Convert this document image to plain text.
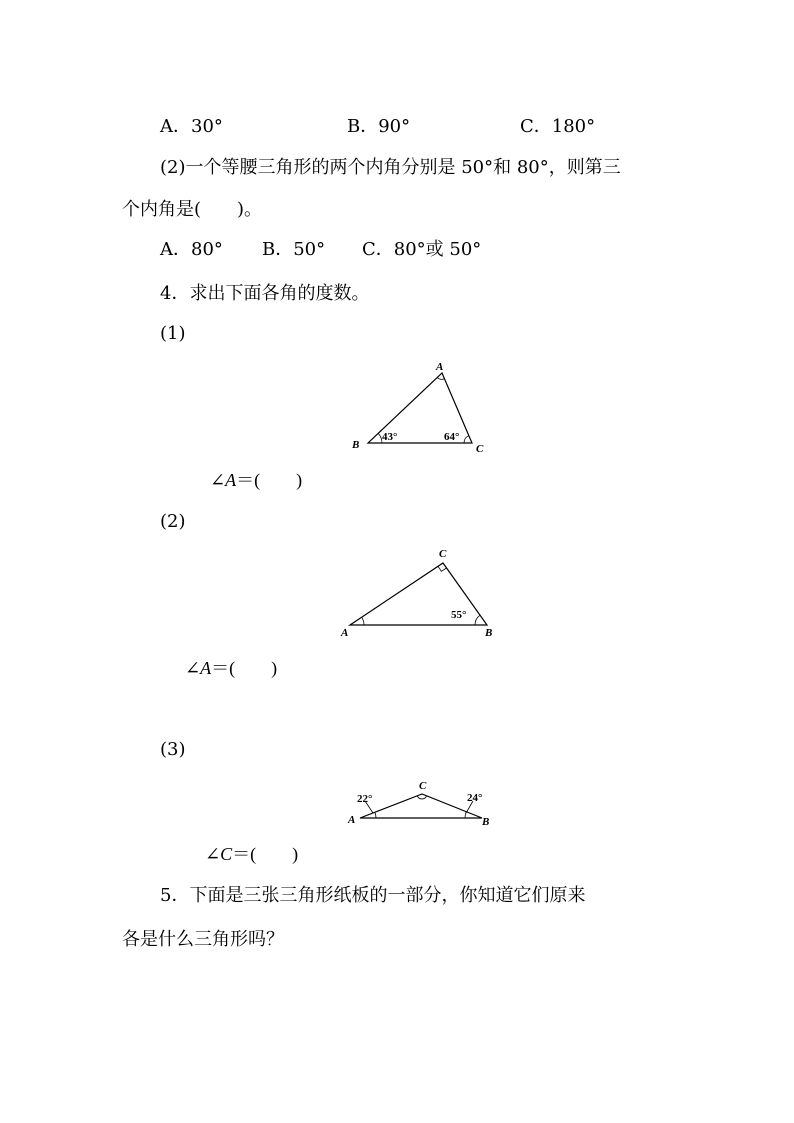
A．30°	B．90°	C．180°
(2)一个等腰三角形的两个内角分别是 50°和 80°，则第三
个内角是(　　)。
A．80° B．50° C．80°或 50°
4．求出下面各角的度数。
(1)
A
B	C
43°	64°
∠A＝(　　)
(2)
C
A	B
55°
∠A＝(　　)
(3)
C
A	B
22°	24°
∠C＝(　　)
5．下面是三张三角形纸板的一部分，你知道它们原来
各是什么三角形吗？
